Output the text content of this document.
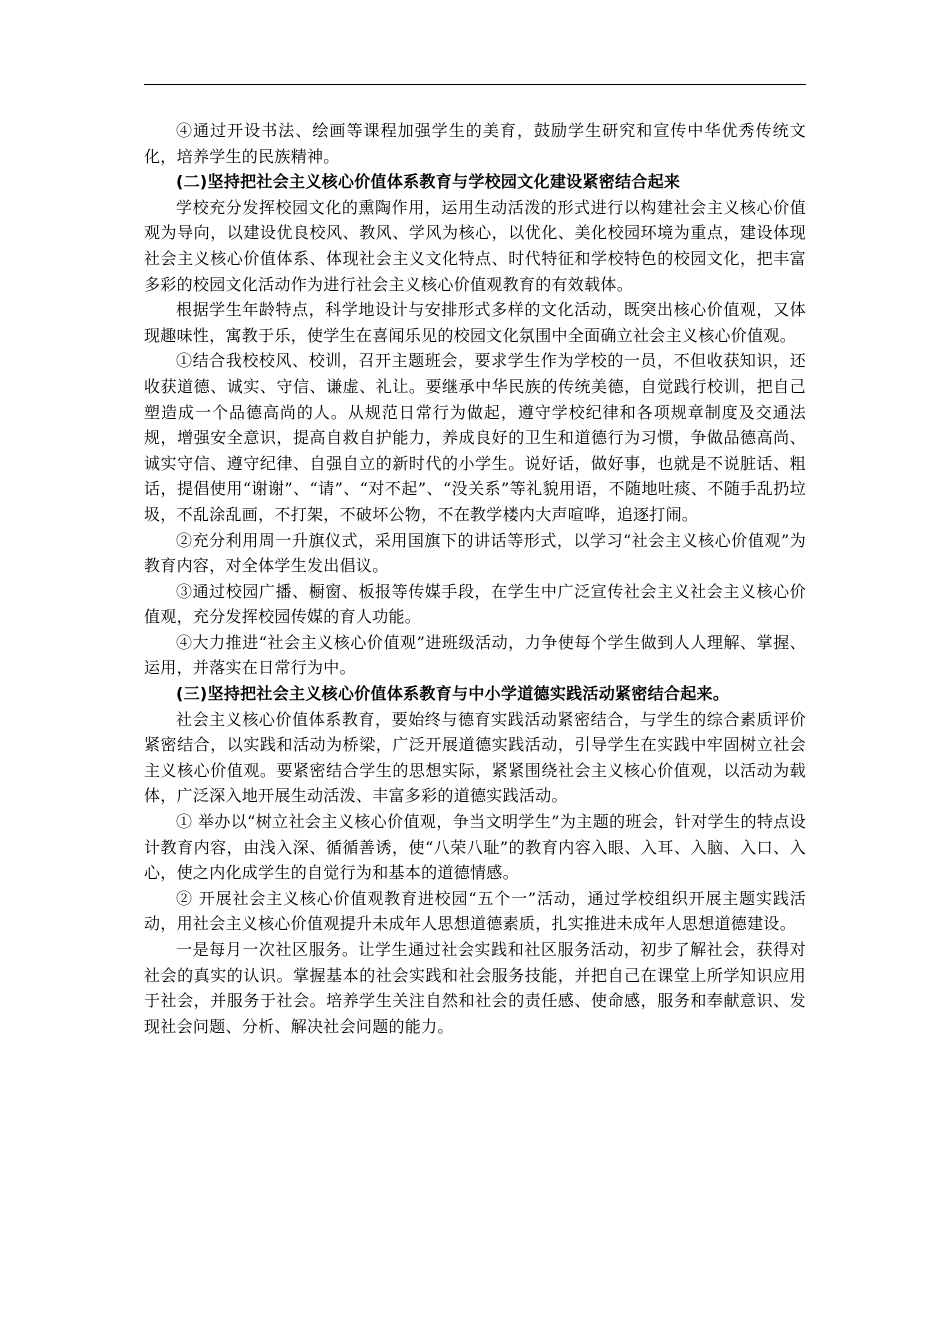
④通过开设书法、绘画等课程加强学生的美育，鼓励学生研究和宣传中华优秀传统文化，培养学生的民族精神。

(二)坚持把社会主义核心价值体系教育与学校园文化建设紧密结合起来

学校充分发挥校园文化的熏陶作用，运用生动活泼的形式进行以构建社会主义核心价值观为导向，以建设优良校风、教风、学风为核心，以优化、美化校园环境为重点，建设体现社会主义核心价值体系、体现社会主义文化特点、时代特征和学校特色的校园文化，把丰富多彩的校园文化活动作为进行社会主义核心价值观教育的有效载体。

根据学生年龄特点，科学地设计与安排形式多样的文化活动，既突出核心价值观，又体现趣味性，寓教于乐，使学生在喜闻乐见的校园文化氛围中全面确立社会主义核心价值观。

①结合我校校风、校训，召开主题班会，要求学生作为学校的一员，不但收获知识，还收获道德、诚实、守信、谦虚、礼让。要继承中华民族的传统美德，自觉践行校训，把自己塑造成一个品德高尚的人。从规范日常行为做起，遵守学校纪律和各项规章制度及交通法规，增强安全意识，提高自救自护能力，养成良好的卫生和道德行为习惯，争做品德高尚、诚实守信、遵守纪律、自强自立的新时代的小学生。说好话，做好事，也就是不说脏话、粗话，提倡使用“谢谢”、“请”、“对不起”、“没关系”等礼貌用语，不随地吐痰、不随手乱扔垃圾，不乱涂乱画，不打架，不破坏公物，不在教学楼内大声喧哗，追逐打闹。

②充分利用周一升旗仪式，采用国旗下的讲话等形式，以学习“社会主义核心价值观”为教育内容，对全体学生发出倡议。

③通过校园广播、橱窗、板报等传媒手段，在学生中广泛宣传社会主义社会主义核心价值观，充分发挥校园传媒的育人功能。

④大力推进“社会主义核心价值观”进班级活动，力争使每个学生做到人人理解、掌握、运用，并落实在日常行为中。

(三)坚持把社会主义核心价值体系教育与中小学道德实践活动紧密结合起来。

社会主义核心价值体系教育，要始终与德育实践活动紧密结合，与学生的综合素质评价紧密结合，以实践和活动为桥梁，广泛开展道德实践活动，引导学生在实践中牢固树立社会主义核心价值观。要紧密结合学生的思想实际，紧紧围绕社会主义核心价值观，以活动为载体，广泛深入地开展生动活泼、丰富多彩的道德实践活动。

① 举办以“树立社会主义核心价值观，争当文明学生”为主题的班会，针对学生的特点设计教育内容，由浅入深、循循善诱，使“八荣八耻”的教育内容入眼、入耳、入脑、入口、入心，使之内化成学生的自觉行为和基本的道德情感。

② 开展社会主义核心价值观教育进校园“五个一”活动，通过学校组织开展主题实践活动，用社会主义核心价值观提升未成年人思想道德素质，扎实推进未成年人思想道德建设。

一是每月一次社区服务。让学生通过社会实践和社区服务活动，初步了解社会，获得对社会的真实的认识。掌握基本的社会实践和社会服务技能，并把自己在课堂上所学知识应用于社会，并服务于社会。培养学生关注自然和社会的责任感、使命感，服务和奉献意识、发现社会问题、分析、解决社会问题的能力。
